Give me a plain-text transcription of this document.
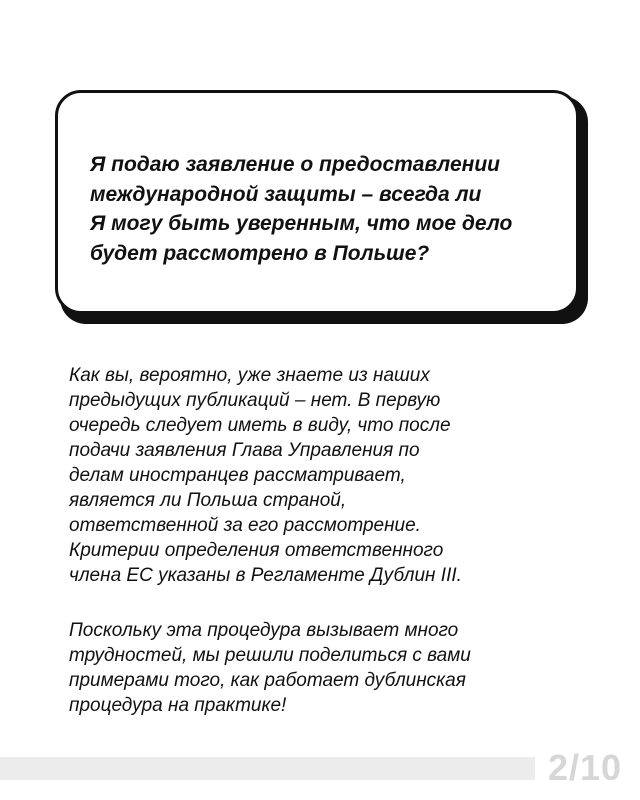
Я подаю заявление о предоставлении
международной защиты – всегда ли
Я могу быть уверенным, что мое дело
будет рассмотрено в Польше?

Как вы, вероятно, уже знаете из наших
предыдущих публикаций – нет. В первую
очередь следует иметь в виду, что после
подачи заявления Глава Управления по
делам иностранцев рассматривает,
является ли Польша страной,
ответственной за его рассмотрение.
Критерии определения ответственного
члена ЕС указаны в Регламенте Дублин III.

Поскольку эта процедура вызывает много
трудностей, мы решили поделиться с вами
примерами того, как работает дублинская
процедура на практике!

2/10
